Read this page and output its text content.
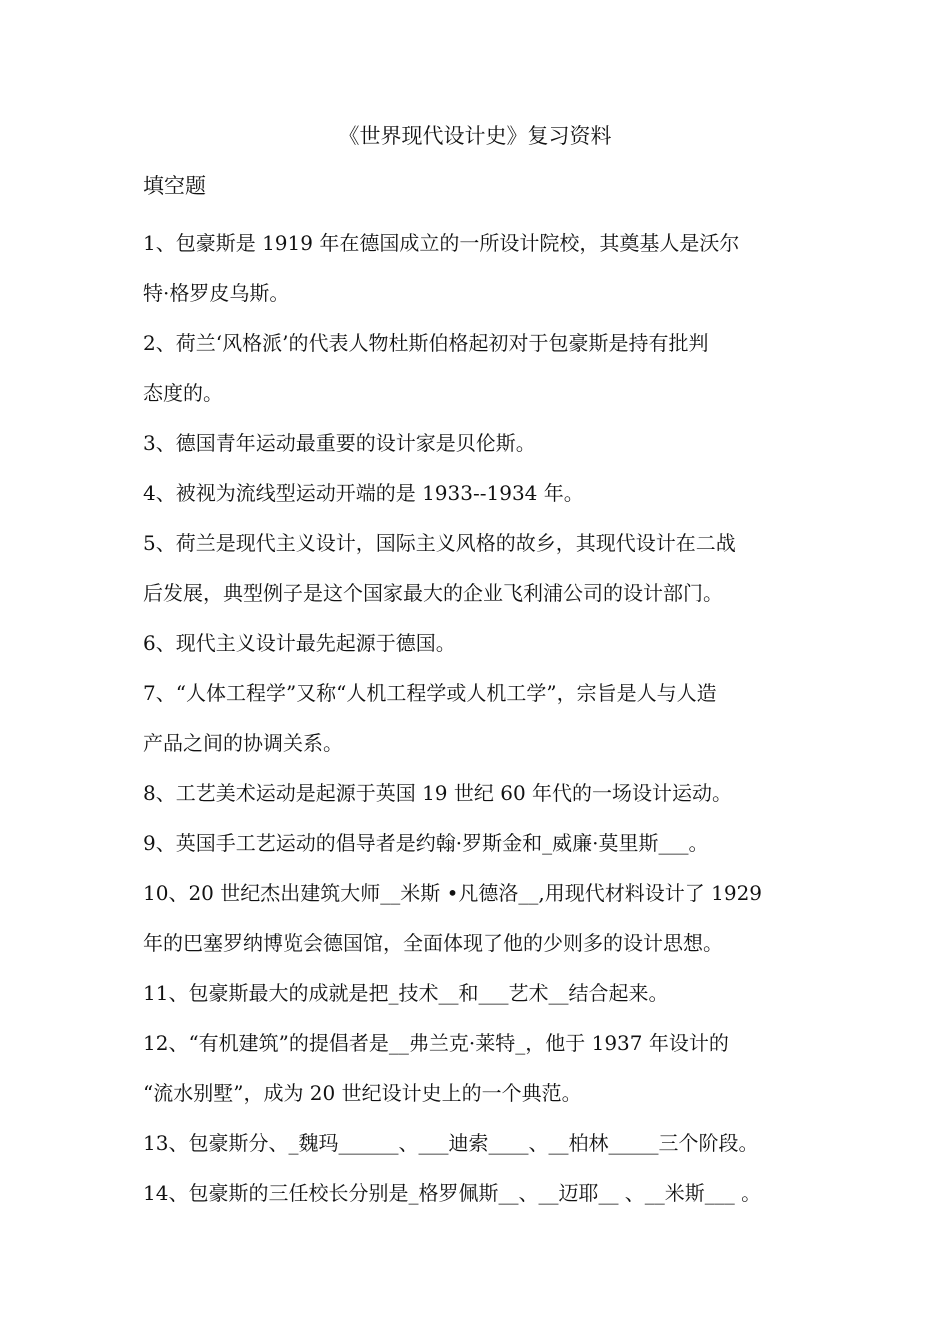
《世界现代设计史》复习资料
填空题
1、包豪斯是 1919 年在德国成立的一所设计院校，其奠基人是沃尔
特·格罗皮乌斯。
2、荷兰‘风格派’的代表人物杜斯伯格起初对于包豪斯是持有批判
态度的。
3、德国青年运动最重要的设计家是贝伦斯。
4、被视为流线型运动开端的是 1933--1934 年。
5、荷兰是现代主义设计，国际主义风格的故乡，其现代设计在二战
后发展，典型例子是这个国家最大的企业飞利浦公司的设计部门。
6、现代主义设计最先起源于德国。
7、“人体工程学”又称“人机工程学或人机工学”，宗旨是人与人造
产品之间的协调关系。
8、工艺美术运动是起源于英国 19 世纪 60 年代的一场设计运动。
9、英国手工艺运动的倡导者是约翰·罗斯金和_威廉·莫里斯___。
10、20 世纪杰出建筑大师__米斯 •凡德洛__,用现代材料设计了 1929
年的巴塞罗纳博览会德国馆，全面体现了他的少则多的设计思想。
11、包豪斯最大的成就是把_技术__和___艺术__结合起来。
12、“有机建筑”的提倡者是__弗兰克·莱特_，他于 1937 年设计的
“流水别墅”，成为 20 世纪设计史上的一个典范。
13、包豪斯分、_魏玛______、___迪索____、__柏林_____三个阶段。
14、包豪斯的三任校长分别是_格罗佩斯__、__迈耶__ 、__米斯___ 。
